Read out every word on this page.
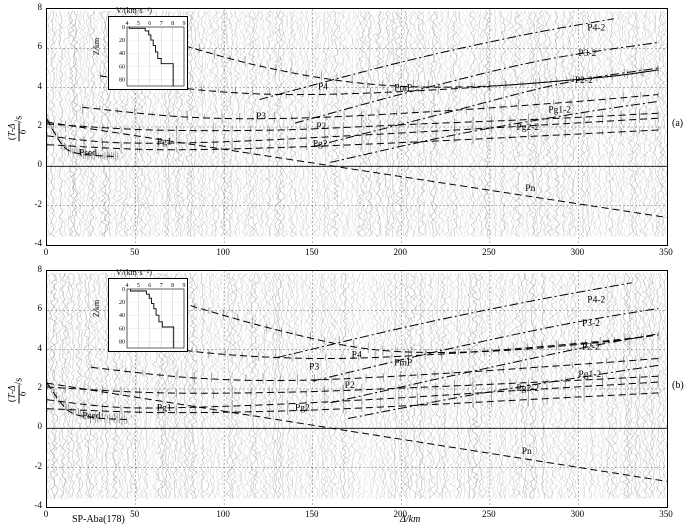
Psed
Pg1	Pg2
P2
P3
P4	PmP
Pn
Pg2-2
Pg1-2
P2-2
P3-2
P4-2
(T-Δ 6
/s	(a)
4 5 6 7 8 9
0
20
40
60
80
V/(km·s⁻¹)
Z/km
-4
-2
0
2
4
6
8
0	50	100	150	200	250	300	350
Psed
Pg1	Pg2
P3
P4
PmP
P2
Pn
Pg2-2
Pg1-2
P2-2
P3-2
P4-2
(T-Δ 6
/s	(b)
4 5 6 7 8 9
0
20
40
60
80
V/(km·s⁻¹)
Z/km
Δ/km
SP-Aba(178)
-4
-2
0
2
4
6
8
0	50	100	150	200	250	300	350
